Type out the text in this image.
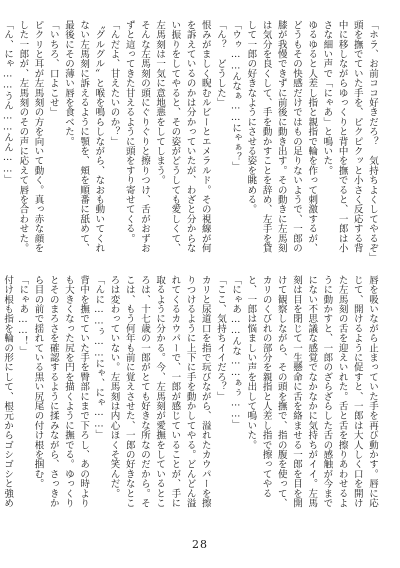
「ホラ、お前ココ好きだろ？　気持ちよくしてやるぞ」

頭を撫でていた手を、ピクピクッと小さく反応する背中に移しながらゆっくりと背中を撫でると、一郎は小さな細い声で「にゃあ」と鳴いた。

ゆるゆると人差し指と親指で輪を作って刺激するが、どうもその快感だけではもの足りないようで、一郎の膝が我慢できずに前後に動き出す。その動きに左馬刻は気分を良くして、手を動かすことを辞め、左手を貸して一郎の好きなようにさせる姿を眺める。

「ウゥ……んなぁ……にゃぁ？」

「ん？　どうした」

恨みがましく睨むルビーとエメラルド。その視線が何を訴えているのかは分かっていたが、わざと分からない振りをしてやると、その姿がどうしても愛しくて、左馬刻は一気に意地悪をしてしまう。

そんな左馬刻の頭にぐりぐりと擦りつけ、舌がおずおずと這ってきた甘えるように頭をすり寄せてくる。

「んだよ、甘えたいのか？」

〝グルグル〟と喉を鳴らしながら、なおも動いてくれない左馬刻に訴えるように顎を、頬を順番に舐めて、最後にその薄い唇を食べた。

「いちろ、口よこせ」

ピクリと耳が左馬刻の方を向いて動く。真っ赤な顔をした一郎が、左馬刻のその声に応えて唇を合わせた。

「ん、にゃ……うん……んん……」

唇を吸いながら止まっていた手を再び動かす。唇に応じて、開けるように促すと、一郎は大人しく口を開けた左馬刻の舌を迎えいれた。舌と舌を擦りあわせるように動かすと、一郎のざらざらした舌の感触が今までにない不思議な感覚でなかなかに気持ちがイイ。左馬刻は目を閉じて一生懸命に舌を絡ませる一郎を目を開けて観察しながら、その頭を撫で、指の腹を使って、カリのくびれの部分を親指と人差し指で擦ってやると、一郎は悩ましい声を出して鳴いた。

「にゃあ……んな……ぁぅ……」

「ここ、気持ちイイだろ？」

カリと尿道口を指で玩びながら、溢れたカウパーを擦りつけるように上下に手を動かしてやる。どんどん溢れてくるカウパーで、一郎が感じていることが、手に取るように分かる。今、左馬刻が愛撫をしているところは、十七歳の一郎がとても好きな所なのだから。そこは、もう何年も前に覚えさせた、一郎の好きなところは変わっていない。左馬刻は内心ほくそ笑んだ。

「んに……ぅ……にゃ、にゃ……」

背中を撫でていた手を臀部にまで下ろし、あの時よりも大きくなった尻を円を描くように撫でる。ゆっくりとそのまろさを確認するように揉みながら、さっきから目の前で揺れている黒い尻尾の付け根を掴む。

「にゃあ……！」

付け根も指を輪の形にして、根元からゴシゴシと強め

28
